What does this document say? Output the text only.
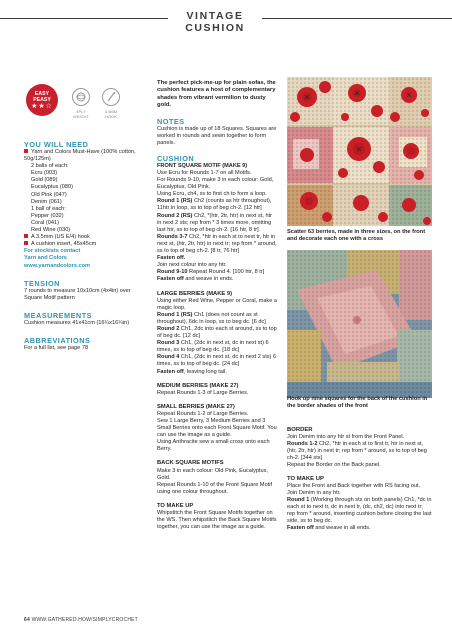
VINTAGE CUSHION
EASY
PEASY
★★☆
4PLY WEIGHT
3.5MM HOOK
YOU WILL NEED
Yarn and Colors Must-Have (100% cotton, 50g/125m)
2 balls of each:
Ecru (003)
Gold (089)
Eucalyptus (080)
Old Pink (047)
Denim (061)
1 ball of each:
Pepper (032)
Coral (041)
Red Wine (030)
A 3.5mm (US E/4) hook
A cushion insert, 45x45cm
For stockists contact
Yarn and Colors
www.yarnandcolors.com
TENSION
7 rounds to measure 10x10cm (4x4in) over Square Motif pattern
MEASUREMENTS
Cushion measures 41x41cm (16¼x16¼in)
ABBREVIATIONS
For a full list, see page 78
The perfect pick-me-up for plain sofas, the cushion features a host of complementary shades from vibrant vermilion to dusty gold.
NOTES
Cushion is made up of 18 Squares. Squares are worked in rounds and sewn together to form panels.
CUSHION
FRONT SQUARE MOTIF (MAKE 9)
Use Ecru for Rounds 1-7 on all Motifs.
For Rounds 9-10, make 3 in each colour: Gold, Eucalyptus, Old Pink.
Using Ecru, ch4, ss to first ch to form a loop.
Round 1 (RS) Ch2 (counts as htr throughout), 11htr in loop, ss to top of beg ch-2. [12 htr]
Round 2 (RS) Ch2, *(htr, 2tr, htr) in next st, htr in next 2 sts; rep from * 3 times more, omitting last htr, ss to top of beg ch-2. [16 htr, 8 tr]
Rounds 3-7 Ch2, *htr in each st to next tr, htr in next st, (htr, 2tr, htr) in next tr; rep from * around, ss to top of beg ch-2. [8 tr, 76 htr]
Fasten off.
Join next colour into any htr.
Round 9-10 Repeat Round 4. [100 htr, 8 tr]
Fasten off and weave in ends.
LARGE BERRIES (MAKE 9)
Using either Red Wine, Pepper or Coral, make a magic loop.
Round 1 (RS) Ch1 (does not count as st throughout), 6dc in loop, ss to beg dc. [6 dc]
Round 2 Ch1, 2dc into each st around, ss to top of beg dc. [12 dc]
Round 3 Ch1, (2dc in next st, dc in next st) 6 times, ss to top of beg dc. [18 dc]
Round 4 Ch1, (2dc in next st, dc in next 2 sts) 6 times, ss to top of beg dc. [24 dc]
Fasten off, leaving long tail.
MEDIUM BERRIES (MAKE 27)
Repeat Rounds 1-3 of Large Berries.
SMALL BERRIES (MAKE 27)
Repeat Rounds 1-2 of Large Berries.
Sew 1 Large Berry, 3 Medium Berries and 3 Small Berries onto each Front Square Motif. You can use the image as a guide.
Using Anthracite sew a small cross onto each Berry.
BACK SQUARE MOTIFS
Make 3 in each colour: Old Pink, Eucalyptus, Gold.
Repeat Rounds 1-10 of the Front Square Motif using one colour throughout.
TO MAKE UP
Whipstitch the Front Square Motifs together on the WS. Then whipstitch the Back Square Motifs together, you can use the image as a guide.
Scatter 63 berries, made in three sizes, on the front and decorate each one with a cross
Hook up nine squares for the back of the cushion in the border shades of the front
BORDER
Join Denim into any htr st from the Front Panel.
Rounds 1-2 Ch2, *htr in each st to first tr, htr in next st, (htr, 2tr, htr) in next tr; rep from * around, ss to top of beg ch-2. [344 sts]
Repeat the Border on the Back panel.
TO MAKE UP
Place the Front and Back together with RS facing out.
Join Denim in any htr.
Round 1 (Working through sts on both panels) Ch1, *dc in each st to next tr, dc in next tr, (dc, ch2, dc) into next tr; rep from * around, inserting cushion before closing the last side, ss to beg dc.
Fasten off and weave in all ends.
64 WWW.GATHERED.HOW/SIMPLYCROCHET
